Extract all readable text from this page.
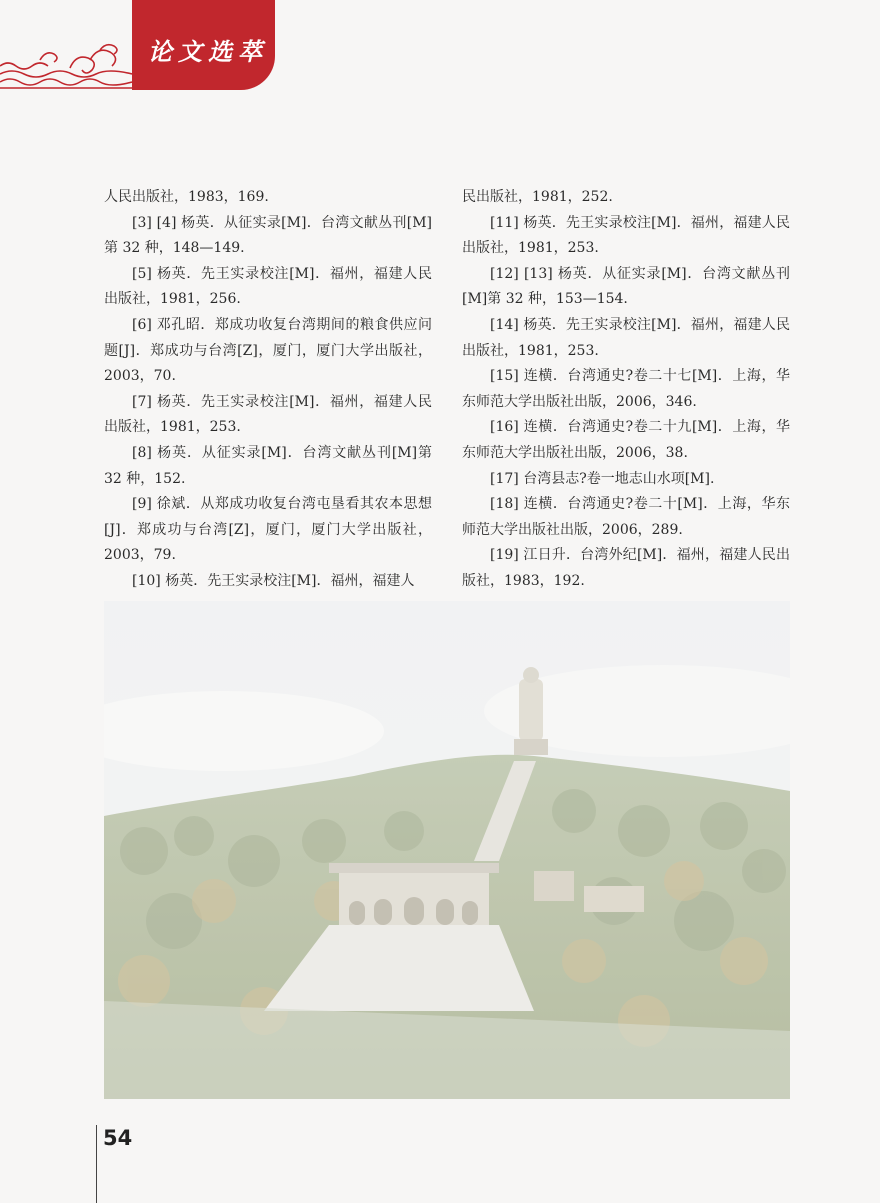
论文选萃

人民出版社，1983，169.

[3] [4] 杨英．从征实录[M]．台湾文献丛刊[M]第 32 种，148—149.

[5] 杨英．先王实录校注[M]．福州，福建人民出版社，1981，256.

[6] 邓孔昭．郑成功收复台湾期间的粮食供应问题[J]．郑成功与台湾[Z]，厦门，厦门大学出版社，2003，70.

[7] 杨英．先王实录校注[M]．福州，福建人民出版社，1981，253.

[8] 杨英．从征实录[M]．台湾文献丛刊[M]第 32 种，152.

[9] 徐斌．从郑成功收复台湾屯垦看其农本思想[J]．郑成功与台湾[Z]，厦门，厦门大学出版社，2003，79.

[10] 杨英．先王实录校注[M]．福州，福建人

民出版社，1981，252.

[11] 杨英．先王实录校注[M]．福州，福建人民出版社，1981，253.

[12] [13] 杨英．从征实录[M]．台湾文献丛刊[M]第 32 种，153—154.

[14] 杨英．先王实录校注[M]．福州，福建人民出版社，1981，253.

[15] 连横．台湾通史?卷二十七[M]．上海，华东师范大学出版社出版，2006，346.

[16] 连横．台湾通史?卷二十九[M]．上海，华东师范大学出版社出版，2006，38.

[17] 台湾县志?卷一地志山水项[M].

[18] 连横．台湾通史?卷二十[M]．上海，华东师范大学出版社出版，2006，289.

[19] 江日升．台湾外纪[M]．福州，福建人民出版社，1983，192.

54
